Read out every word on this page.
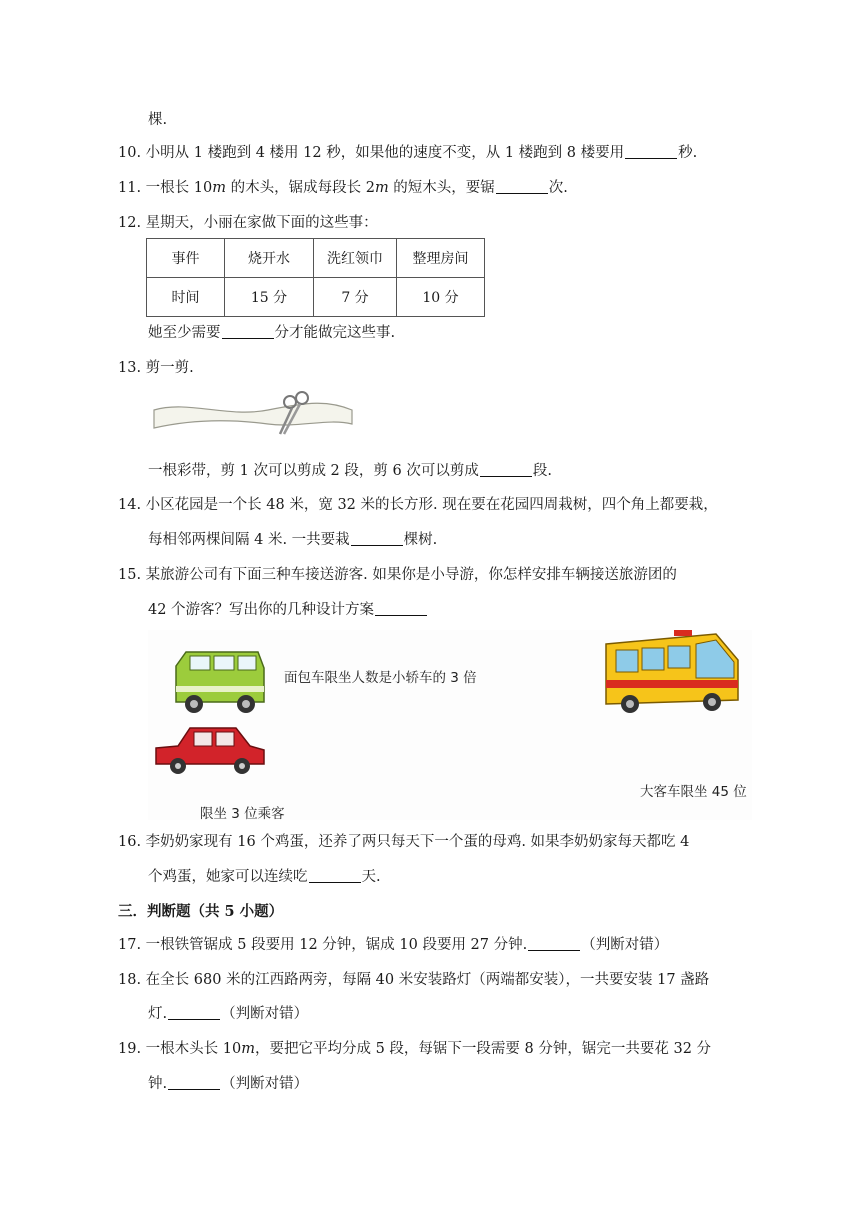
棵.
10. 小明从 1 楼跑到 4 楼用 12 秒，如果他的速度不变，从 1 楼跑到 8 楼要用	秒.
11. 一根长 10m 的木头，锯成每段长 2m 的短木头，要锯	次.
12. 星期天，小丽在家做下面的这些事：
事件	烧开水	洗红领巾	整理房间
时间	15 分	7 分	10 分
她至少需要	分才能做完这些事.
13. 剪一剪.
一根彩带，剪 1 次可以剪成 2 段，剪 6 次可以剪成	段.
14. 小区花园是一个长 48 米，宽 32 米的长方形. 现在要在花园四周栽树，四个角上都要栽，
每相邻两棵间隔 4 米. 一共要栽	棵树.
15. 某旅游公司有下面三种车接送游客. 如果你是小导游，你怎样安排车辆接送旅游团的
42 个游客？写出你的几种设计方案
面包车限坐人数是小轿车的 3 倍
限坐 3 位乘客
大客车限坐 45 位
16. 李奶奶家现有 16 个鸡蛋，还养了两只每天下一个蛋的母鸡. 如果李奶奶家每天都吃 4
个鸡蛋，她家可以连续吃	天.
三．判断题（共 5 小题）
17. 一根铁管锯成 5 段要用 12 分钟，锯成 10 段要用 27 分钟.	（判断对错）
18. 在全长 680 米的江西路两旁，每隔 40 米安装路灯（两端都安装），一共要安装 17 盏路
灯.	（判断对错）
19. 一根木头长 10m，要把它平均分成 5 段，每锯下一段需要 8 分钟，锯完一共要花 32 分
钟.	（判断对错）
